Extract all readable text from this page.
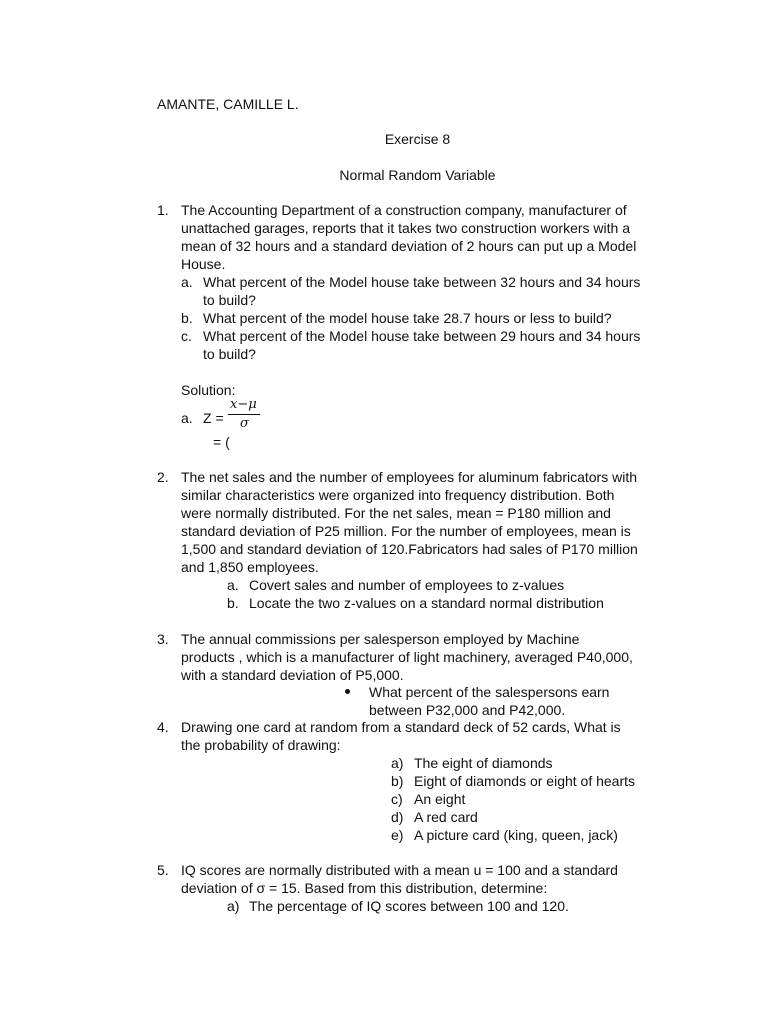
AMANTE, CAMILLE L.
Exercise 8
Normal Random Variable
1. The Accounting Department of a construction company, manufacturer of
unattached garages, reports that it takes two construction workers with a
mean of 32 hours and a standard deviation of 2 hours can put up a Model
House.
a. What percent of the Model house take between 32 hours and 34 hours
to build?
b. What percent of the model house take 28.7 hours or less to build?
c. What percent of the Model house take between 29 hours and 34 hours
to build?
Solution:
a. Z =
x−μ
σ
= (
2. The net sales and the number of employees for aluminum fabricators with
similar characteristics were organized into frequency distribution. Both
were normally distributed. For the net sales, mean = P180 million and
standard deviation of P25 million. For the number of employees, mean is
1,500 and standard deviation of 120.Fabricators had sales of P170 million
and 1,850 employees.
a. Covert sales and number of employees to z-values
b. Locate the two z-values on a standard normal distribution
3. The annual commissions per salesperson employed by Machine
products , which is a manufacturer of light machinery, averaged P40,000,
with a standard deviation of P5,000.
What percent of the salespersons earn
between P32,000 and P42,000.
4. Drawing one card at random from a standard deck of 52 cards, What is
the probability of drawing:
a) The eight of diamonds
b) Eight of diamonds or eight of hearts
c) An eight
d) A red card
e) A picture card (king, queen, jack)
5. IQ scores are normally distributed with a mean u = 100 and a standard
deviation of σ = 15. Based from this distribution, determine:
a) The percentage of IQ scores between 100 and 120.
